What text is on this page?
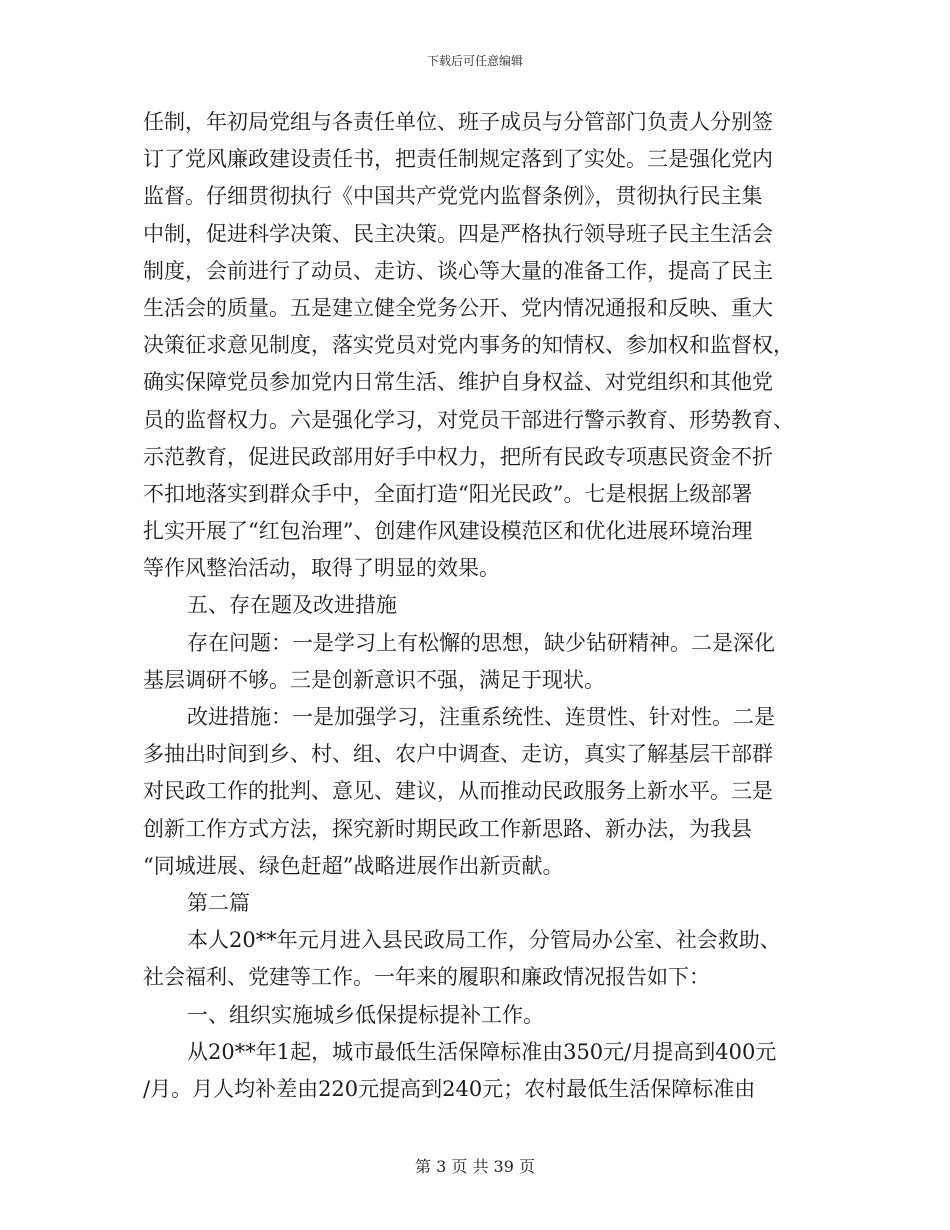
下载后可任意编辑
任制，年初局党组与各责任单位、班子成员与分管部门负责人分别签
订了党风廉政建设责任书，把责任制规定落到了实处。三是强化党内
监督。仔细贯彻执行《中国共产党党内监督条例》，贯彻执行民主集
中制，促进科学决策、民主决策。四是严格执行领导班子民主生活会
制度，会前进行了动员、走访、谈心等大量的准备工作，提高了民主
生活会的质量。五是建立健全党务公开、党内情况通报和反映、重大
决策征求意见制度，落实党员对党内事务的知情权、参加权和监督权，
确实保障党员参加党内日常生活、维护自身权益、对党组织和其他党
员的监督权力。六是强化学习，对党员干部进行警示教育、形势教育、
示范教育，促进民政部用好手中权力，把所有民政专项惠民资金不折
不扣地落实到群众手中，全面打造“阳光民政”。七是根据上级部署
扎实开展了“红包治理”、创建作风建设模范区和优化进展环境治理
等作风整治活动，取得了明显的效果。
五、存在题及改进措施
存在问题：一是学习上有松懈的思想，缺少钻研精神。二是深化
基层调研不够。三是创新意识不强，满足于现状。
改进措施：一是加强学习，注重系统性、连贯性、针对性。二是
多抽出时间到乡、村、组、农户中调查、走访，真实了解基层干部群
对民政工作的批判、意见、建议，从而推动民政服务上新水平。三是
创新工作方式方法，探究新时期民政工作新思路、新办法，为我县
“同城进展、绿色赶超”战略进展作出新贡献。
第二篇
本人20**年元月进入县民政局工作，分管局办公室、社会救助、
社会福利、党建等工作。一年来的履职和廉政情况报告如下：
一、组织实施城乡低保提标提补工作。
从20**年1起，城市最低生活保障标准由350元/月提高到400元
/月。月人均补差由220元提高到240元；农村最低生活保障标准由
第 3 页 共 39 页
